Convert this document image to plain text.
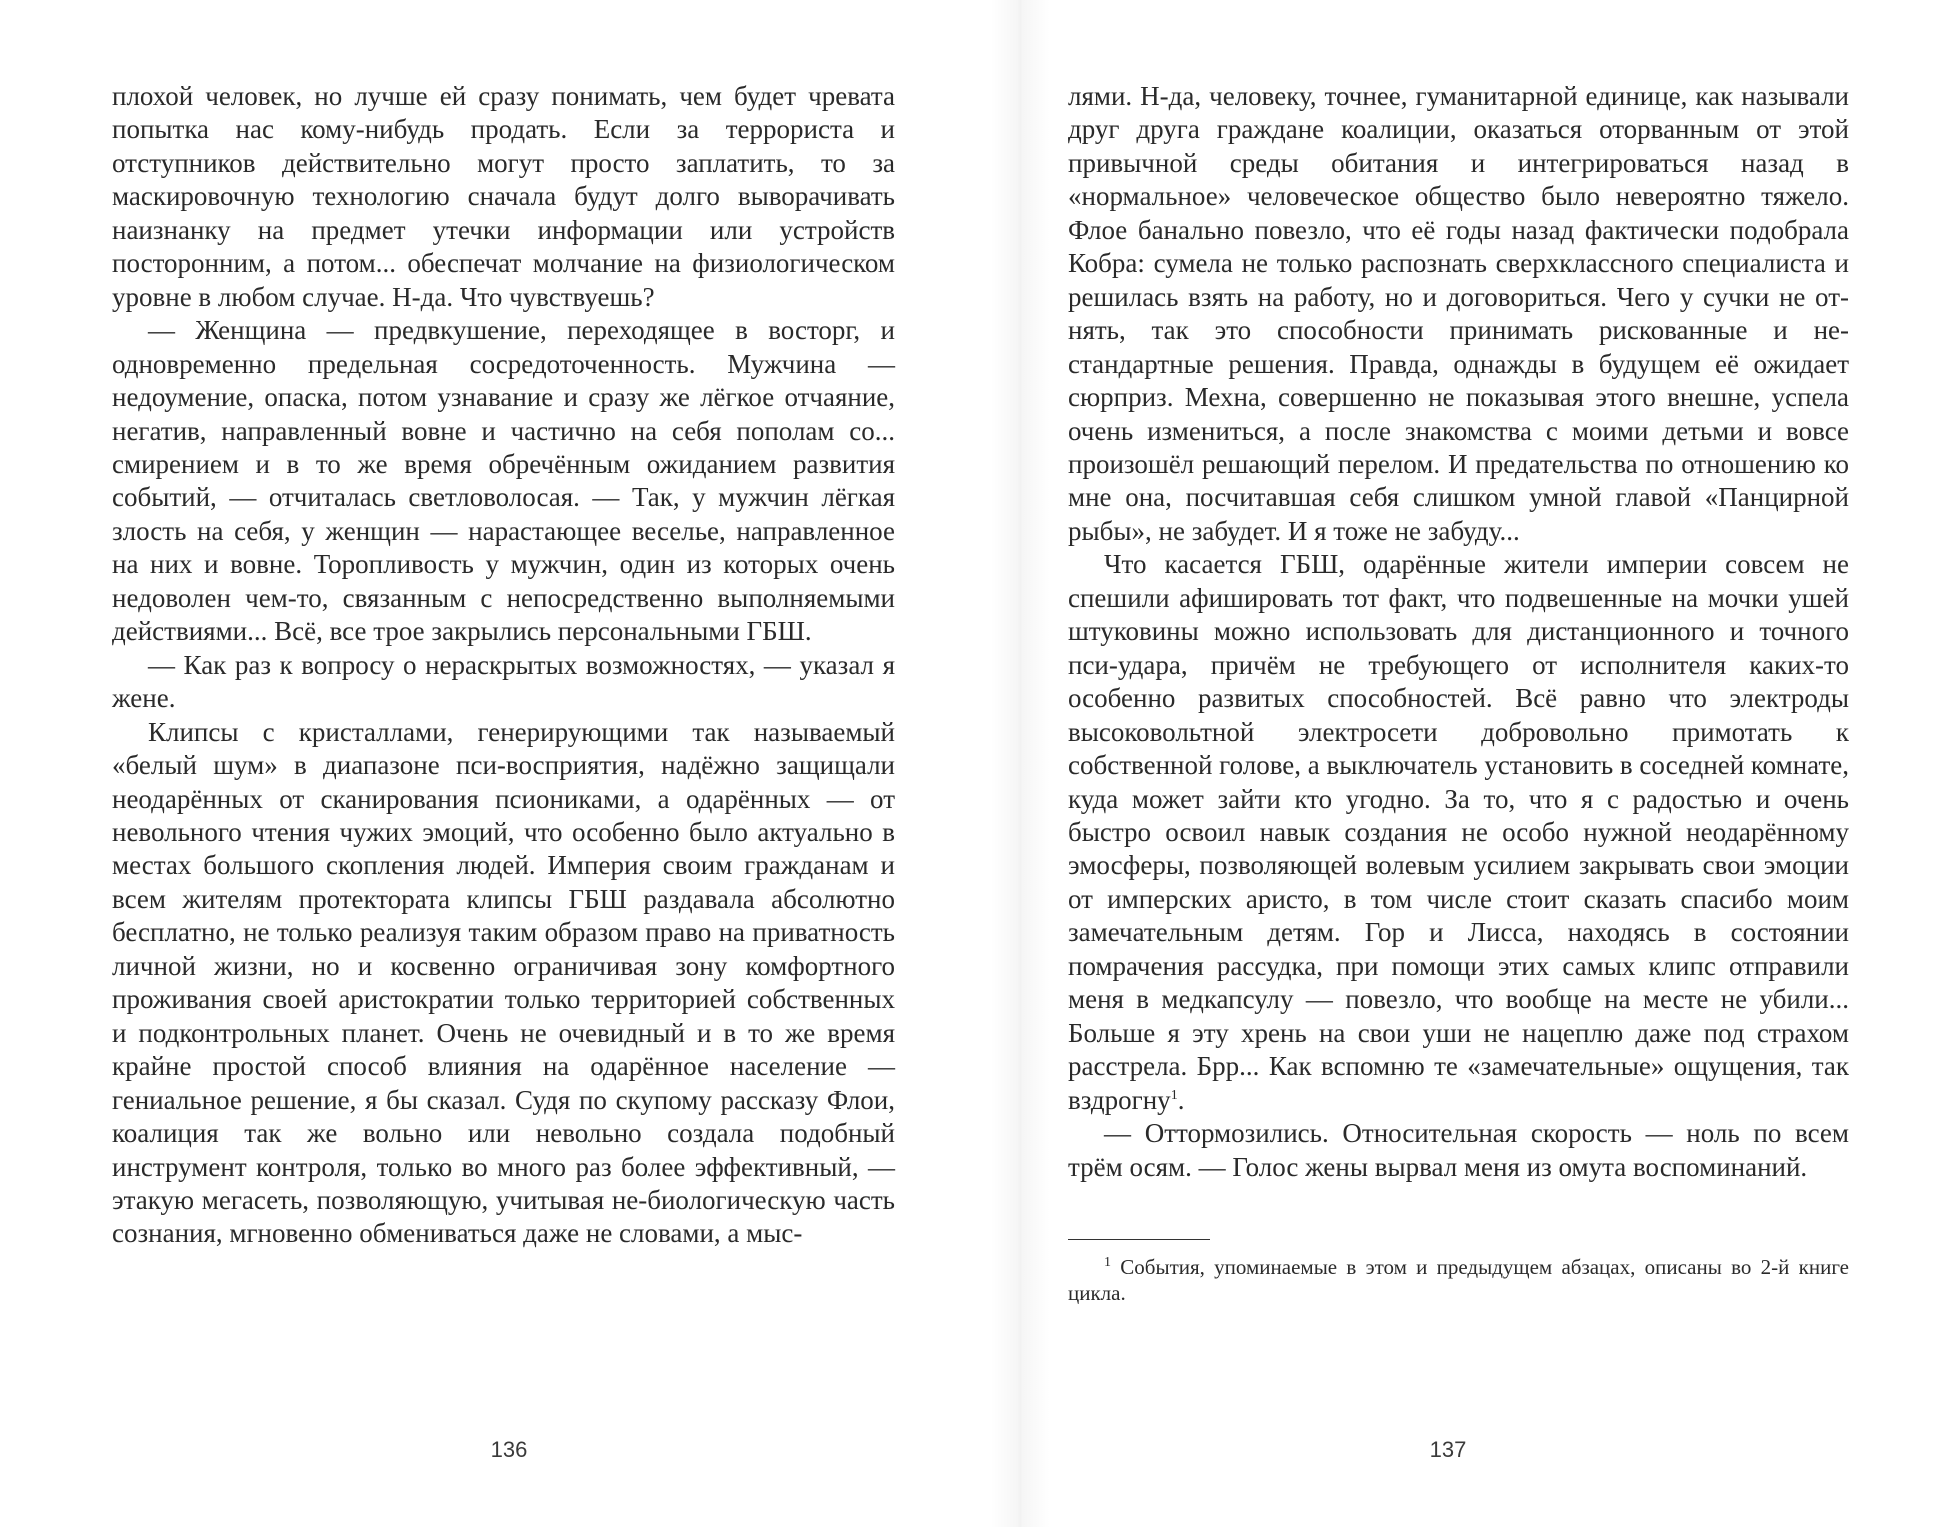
плохой человек, но лучше ей сразу понимать, чем будет чревата попытка нас кому-нибудь продать. Если за террориста и отступников действительно могут просто заплатить, то за маскировочную технологию сначала будут долго выворачивать наизнанку на предмет утечки информации или устройств посторонним, а потом... обеспечат молчание на физиологическом уровне в любом случае. Н-да. Что чувствуешь?

— Женщина — предвкушение, переходящее в восторг, и одновременно предельная сосредоточенность. Мужчина — недоумение, опаска, потом узнавание и сразу же лёгкое отчаяние, негатив, направленный вовне и частично на себя пополам со... смирением и в то же время обречённым ожиданием развития событий, — отчиталась светловолосая. — Так, у мужчин лёгкая злость на себя, у женщин — нарастающее веселье, направленное на них и вовне. Торопливость у мужчин, один из которых очень недоволен чем-то, связанным с непосредственно выполняемыми действиями... Всё, все трое закрылись персональными ГБШ.

— Как раз к вопросу о нераскрытых возможностях, — указал я жене.

Клипсы с кристаллами, генерирующими так называемый «белый шум» в диапазоне пси-восприятия, надёжно защищали неодарённых от сканирования псиониками, а одарённых — от невольного чтения чужих эмоций, что особенно было актуально в местах большого скопления людей. Империя своим гражданам и всем жителям протектората клипсы ГБШ раздавала абсолютно бесплатно, не только реализуя таким образом право на приватность личной жизни, но и косвенно ограничивая зону комфортного проживания своей аристократии только территорией собственных и подконтрольных планет. Очень не очевидный и в то же время крайне простой способ влияния на одарённое население — гениальное решение, я бы сказал. Судя по скупому рассказу Флои, коалиция так же вольно или невольно создала подобный инструмент контроля, только во много раз более эффективный, — этакую мегасеть, позволяющую, учитывая не-биологическую часть сознания, мгновенно обмениваться даже не словами, а мыс-

лями. Н-да, человеку, точнее, гуманитарной единице, как называли друг друга граждане коалиции, оказаться оторванным от этой привычной среды обитания и интегрироваться назад в «нормальное» человеческое общество было невероятно тяжело. Флое банально повезло, что её годы назад фактически подобрала Кобра: сумела не только распознать сверхклассного специалиста и решилась взять на работу, но и договориться. Чего у сучки не отнять, так это способности принимать рискованные и нестандартные решения. Правда, однажды в будущем её ожидает сюрприз. Мехна, совершенно не показывая этого внешне, успела очень измениться, а после знакомства с моими детьми и вовсе произошёл решающий перелом. И предательства по отношению ко мне она, посчитавшая себя слишком умной главой «Панцирной рыбы», не забудет. И я тоже не забуду...

Что касается ГБШ, одарённые жители империи совсем не спешили афишировать тот факт, что подвешенные на мочки ушей штуковины можно использовать для дистанционного и точного пси-удара, причём не требующего от исполнителя каких-то особенно развитых способностей. Всё равно что электроды высоковольтной электросети добровольно примотать к собственной голове, а выключатель установить в соседней комнате, куда может зайти кто угодно. За то, что я с радостью и очень быстро освоил навык создания не особо нужной неодарённому эмосферы, позволяющей волевым усилием закрывать свои эмоции от имперских аристо, в том числе стоит сказать спасибо моим замечательным детям. Гор и Лисса, находясь в состоянии помрачения рассудка, при помощи этих самых клипс отправили меня в медкапсулу — повезло, что вообще на месте не убили... Больше я эту хрень на свои уши не нацеплю даже под страхом расстрела. Брр... Как вспомню те «замечательные» ощущения, так вздрогну$^1$.

— Оттормозились. Относительная скорость — ноль по всем трём осям. — Голос жены вырвал меня из омута воспоминаний.

$^1$ События, упоминаемые в этом и предыдущем абзацах, описаны во 2-й книге цикла.
136	137
